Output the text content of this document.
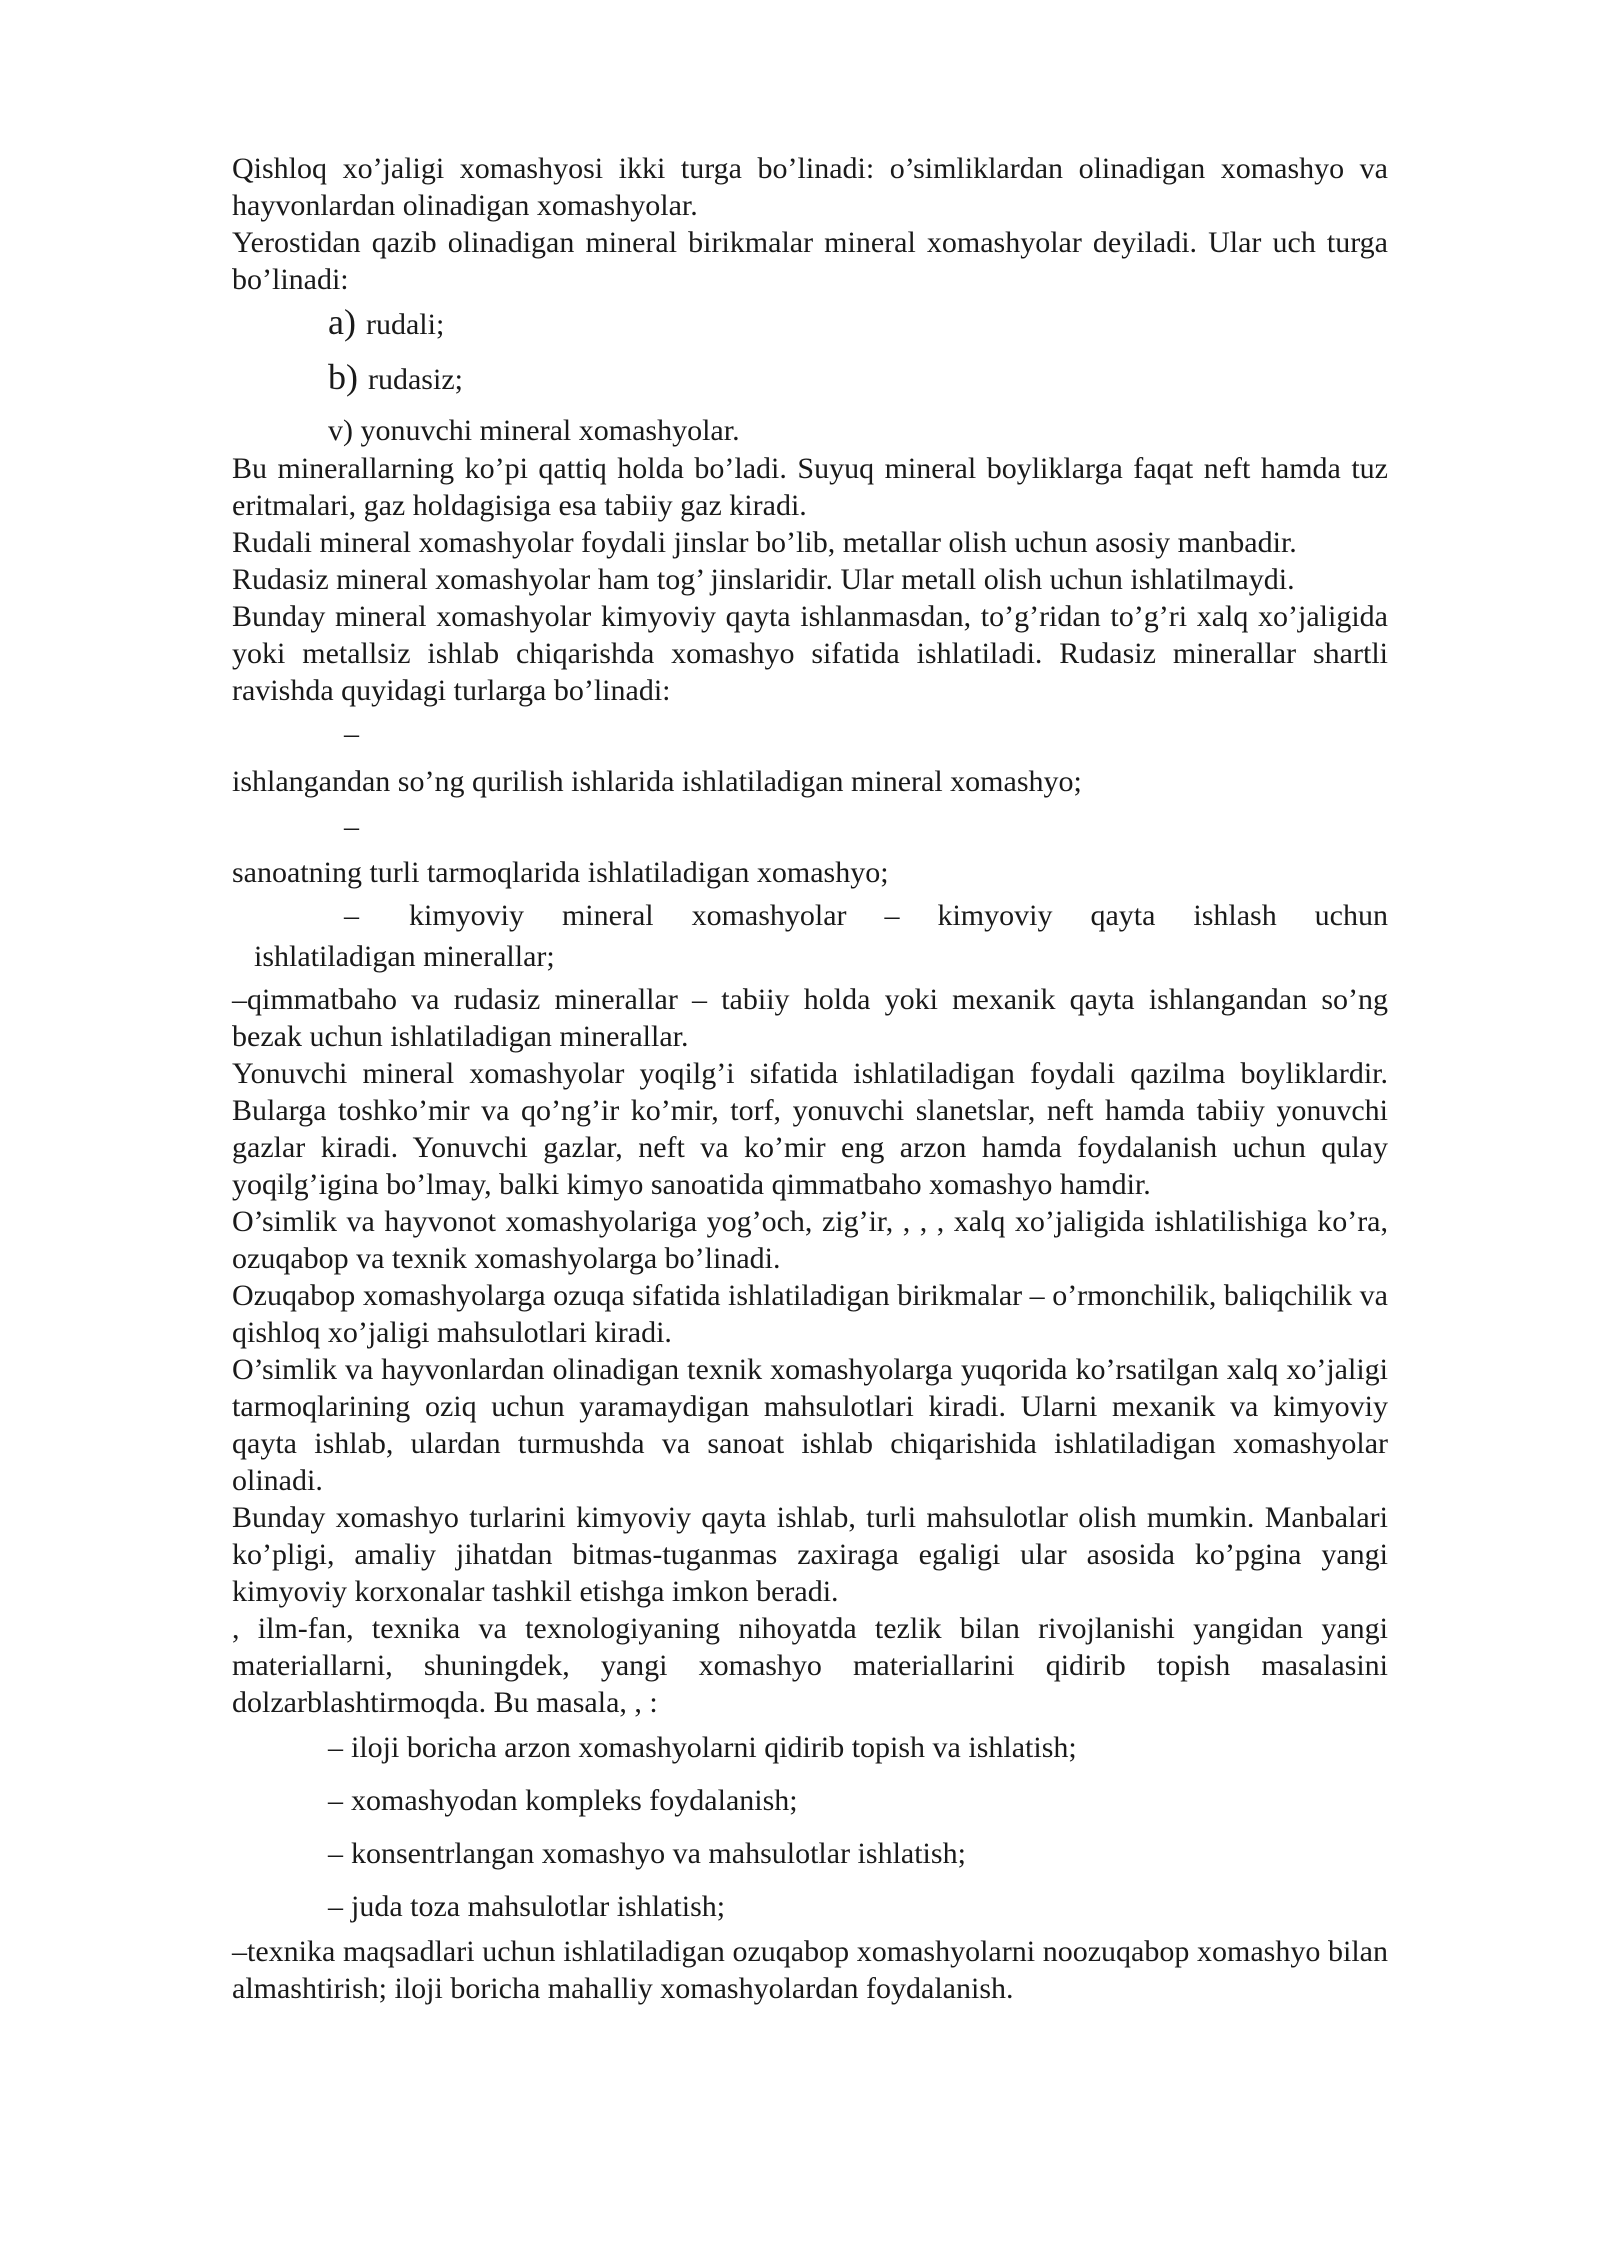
Qishloq xo’jaligi xomashyosi ikki turga bo’linadi: o’simliklardan olinadigan xomashyo va hayvonlardan olinadigan xomashyolar.

Yerostidan qazib olinadigan mineral birikmalar mineral xomashyolar deyiladi. Ular uch turga bo’linadi:

a) rudali;
b) rudasiz;

v) yonuvchi mineral xomashyolar.

Bu minerallarning ko’pi qattiq holda bo’ladi. Suyuq mineral boyliklarga faqat neft hamda tuz eritmalari, gaz holdagisiga esa tabiiy gaz kiradi.

Rudali mineral xomashyolar foydali jinslar bo’lib, metallar olish uchun asosiy manbadir.

Rudasiz mineral xomashyolar ham tog’ jinslaridir. Ular metall olish uchun ishlatilmaydi.

Bunday mineral xomashyolar kimyoviy qayta ishlanmasdan, to’g’ridan to’g’ri xalq xo’jaligida yoki metallsiz ishlab chiqarishda xomashyo sifatida ishlatiladi. Rudasiz minerallar shartli ravishda quyidagi turlarga bo’linadi:

–

ishlangandan so’ng qurilish ishlarida ishlatiladigan mineral xomashyo;

–

sanoatning turli tarmoqlarida ishlatiladigan xomashyo;

–	kimyoviy mineral xomashyolar – kimyoviy qayta ishlash uchun

ishlatiladigan minerallar;

–qimmatbaho va rudasiz minerallar – tabiiy holda yoki mexanik qayta ishlangandan so’ng bezak uchun ishlatiladigan minerallar.

Yonuvchi mineral xomashyolar yoqilg’i sifatida ishlatiladigan foydali qazilma boyliklardir. Bularga toshko’mir va qo’ng’ir ko’mir, torf, yonuvchi slanetslar, neft hamda tabiiy yonuvchi gazlar kiradi. Yonuvchi gazlar, neft va ko’mir eng arzon hamda foydalanish uchun qulay yoqilg’igina bo’lmay, balki kimyo sanoatida qimmatbaho xomashyo hamdir.

O’simlik va hayvonot xomashyolariga yog’och, zig’ir, , , , xalq xo’jaligida ishlatilishiga ko’ra, ozuqabop va texnik xomashyolarga bo’linadi.

Ozuqabop xomashyolarga ozuqa sifatida ishlatiladigan birikmalar – o’rmonchilik, baliqchilik va qishloq xo’jaligi mahsulotlari kiradi.

O’simlik va hayvonlardan olinadigan texnik xomashyolarga yuqorida ko’rsatilgan xalq xo’jaligi tarmoqlarining oziq uchun yaramaydigan mahsulotlari kiradi. Ularni mexanik va kimyoviy qayta ishlab, ulardan turmushda va sanoat ishlab chiqarishida ishlatiladigan xomashyolar olinadi.

Bunday xomashyo turlarini kimyoviy qayta ishlab, turli mahsulotlar olish mumkin. Manbalari ko’pligi, amaliy jihatdan bitmas-tuganmas zaxiraga egaligi ular asosida ko’pgina yangi kimyoviy korxonalar tashkil etishga imkon beradi.

, ilm-fan, texnika va texnologiyaning nihoyatda tezlik bilan rivojlanishi yangidan yangi materiallarni, shuningdek, yangi xomashyo materiallarini qidirib topish masalasini dolzarblashtirmoqda. Bu masala, , :

– iloji boricha arzon xomashyolarni qidirib topish va ishlatish;
– xomashyodan kompleks foydalanish;
– konsentrlangan xomashyo va mahsulotlar ishlatish;
– juda toza mahsulotlar ishlatish;

–texnika maqsadlari uchun ishlatiladigan ozuqabop xomashyolarni noozuqabop xomashyo bilan almashtirish; iloji boricha mahalliy xomashyolardan foydalanish.
